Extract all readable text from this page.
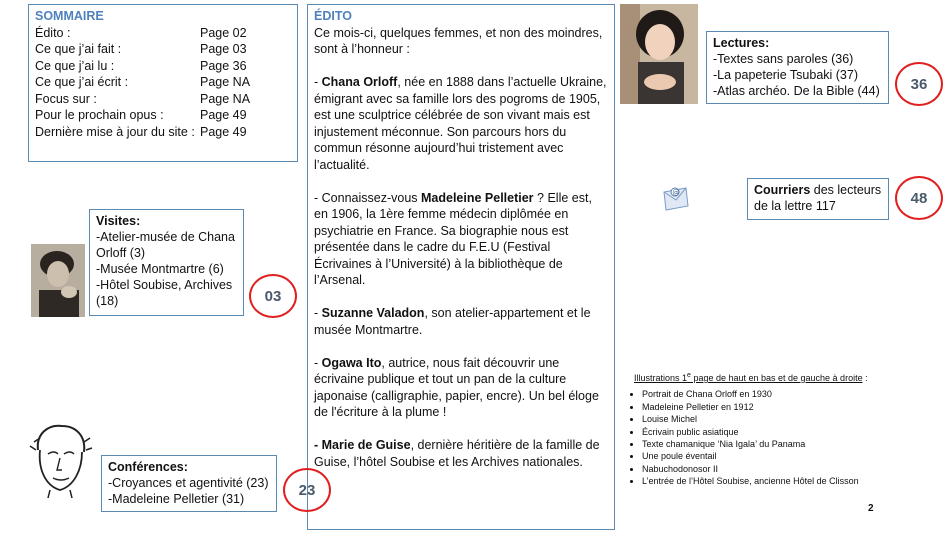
SOMMAIRE
Édito :	Page 02
Ce que j’ai fait :	Page 03
Ce que j’ai lu :	Page 36
Ce que j’ai écrit :	Page NA
Focus sur :	Page NA
Pour le prochain opus :	Page 49
Dernière mise à jour du site : Page 49
ÉDITO

Ce mois-ci, quelques femmes, et non des moindres, sont à l’honneur :

- Chana Orloff, née en 1888 dans l’actuelle Ukraine, émigrant avec sa famille lors des pogroms de 1905, est une sculptrice célébrée de son vivant mais est injustement méconnue. Son parcours hors du commun résonne aujourd’hui tristement avec l’actualité.

- Connaissez-vous Madeleine Pelletier ? Elle est, en 1906, la 1ère femme médecin diplômée en psychiatrie en France. Sa biographie nous est présentée dans le cadre du F.E.U (Festival Écrivaines à l’Université) à la bibliothèque de l’Arsenal.

- Suzanne Valadon, son atelier-appartement et le musée Montmartre.

- Ogawa Ito, autrice, nous fait découvrir une écrivaine publique et tout un pan de la culture japonaise (calligraphie, papier, encre). Un bel éloge de l'écriture à la plume !

- Marie de Guise, dernière héritière de la famille de Guise, l’hôtel Soubise et les Archives nationales.

Visites:
-Atelier-musée de Chana Orloff (3)
-Musée Montmartre (6)
-Hôtel Soubise, Archives (18)	03
Conférences:
-Croyances et agentivité (23)
-Madeleine Pelletier (31)
23
Lectures:
-Textes sans paroles (36)
-La papeterie Tsubaki (37)
-Atlas archéo. De la Bible (44)	36
@	Courriers des lecteurs de la lettre 117	48
Illustrations 1e page de haut en bas et de gauche à droite :
• Portrait de Chana Orloff en 1930
• Madeleine Pelletier en 1912
• Louise Michel
• Écrivain public asiatique
• Texte chamanique ‘Nia Igala’ du Panama
• Une poule éventail
• Nabuchodonosor II
• L’entrée de l’Hôtel Soubise, ancienne Hôtel de Clisson
2
